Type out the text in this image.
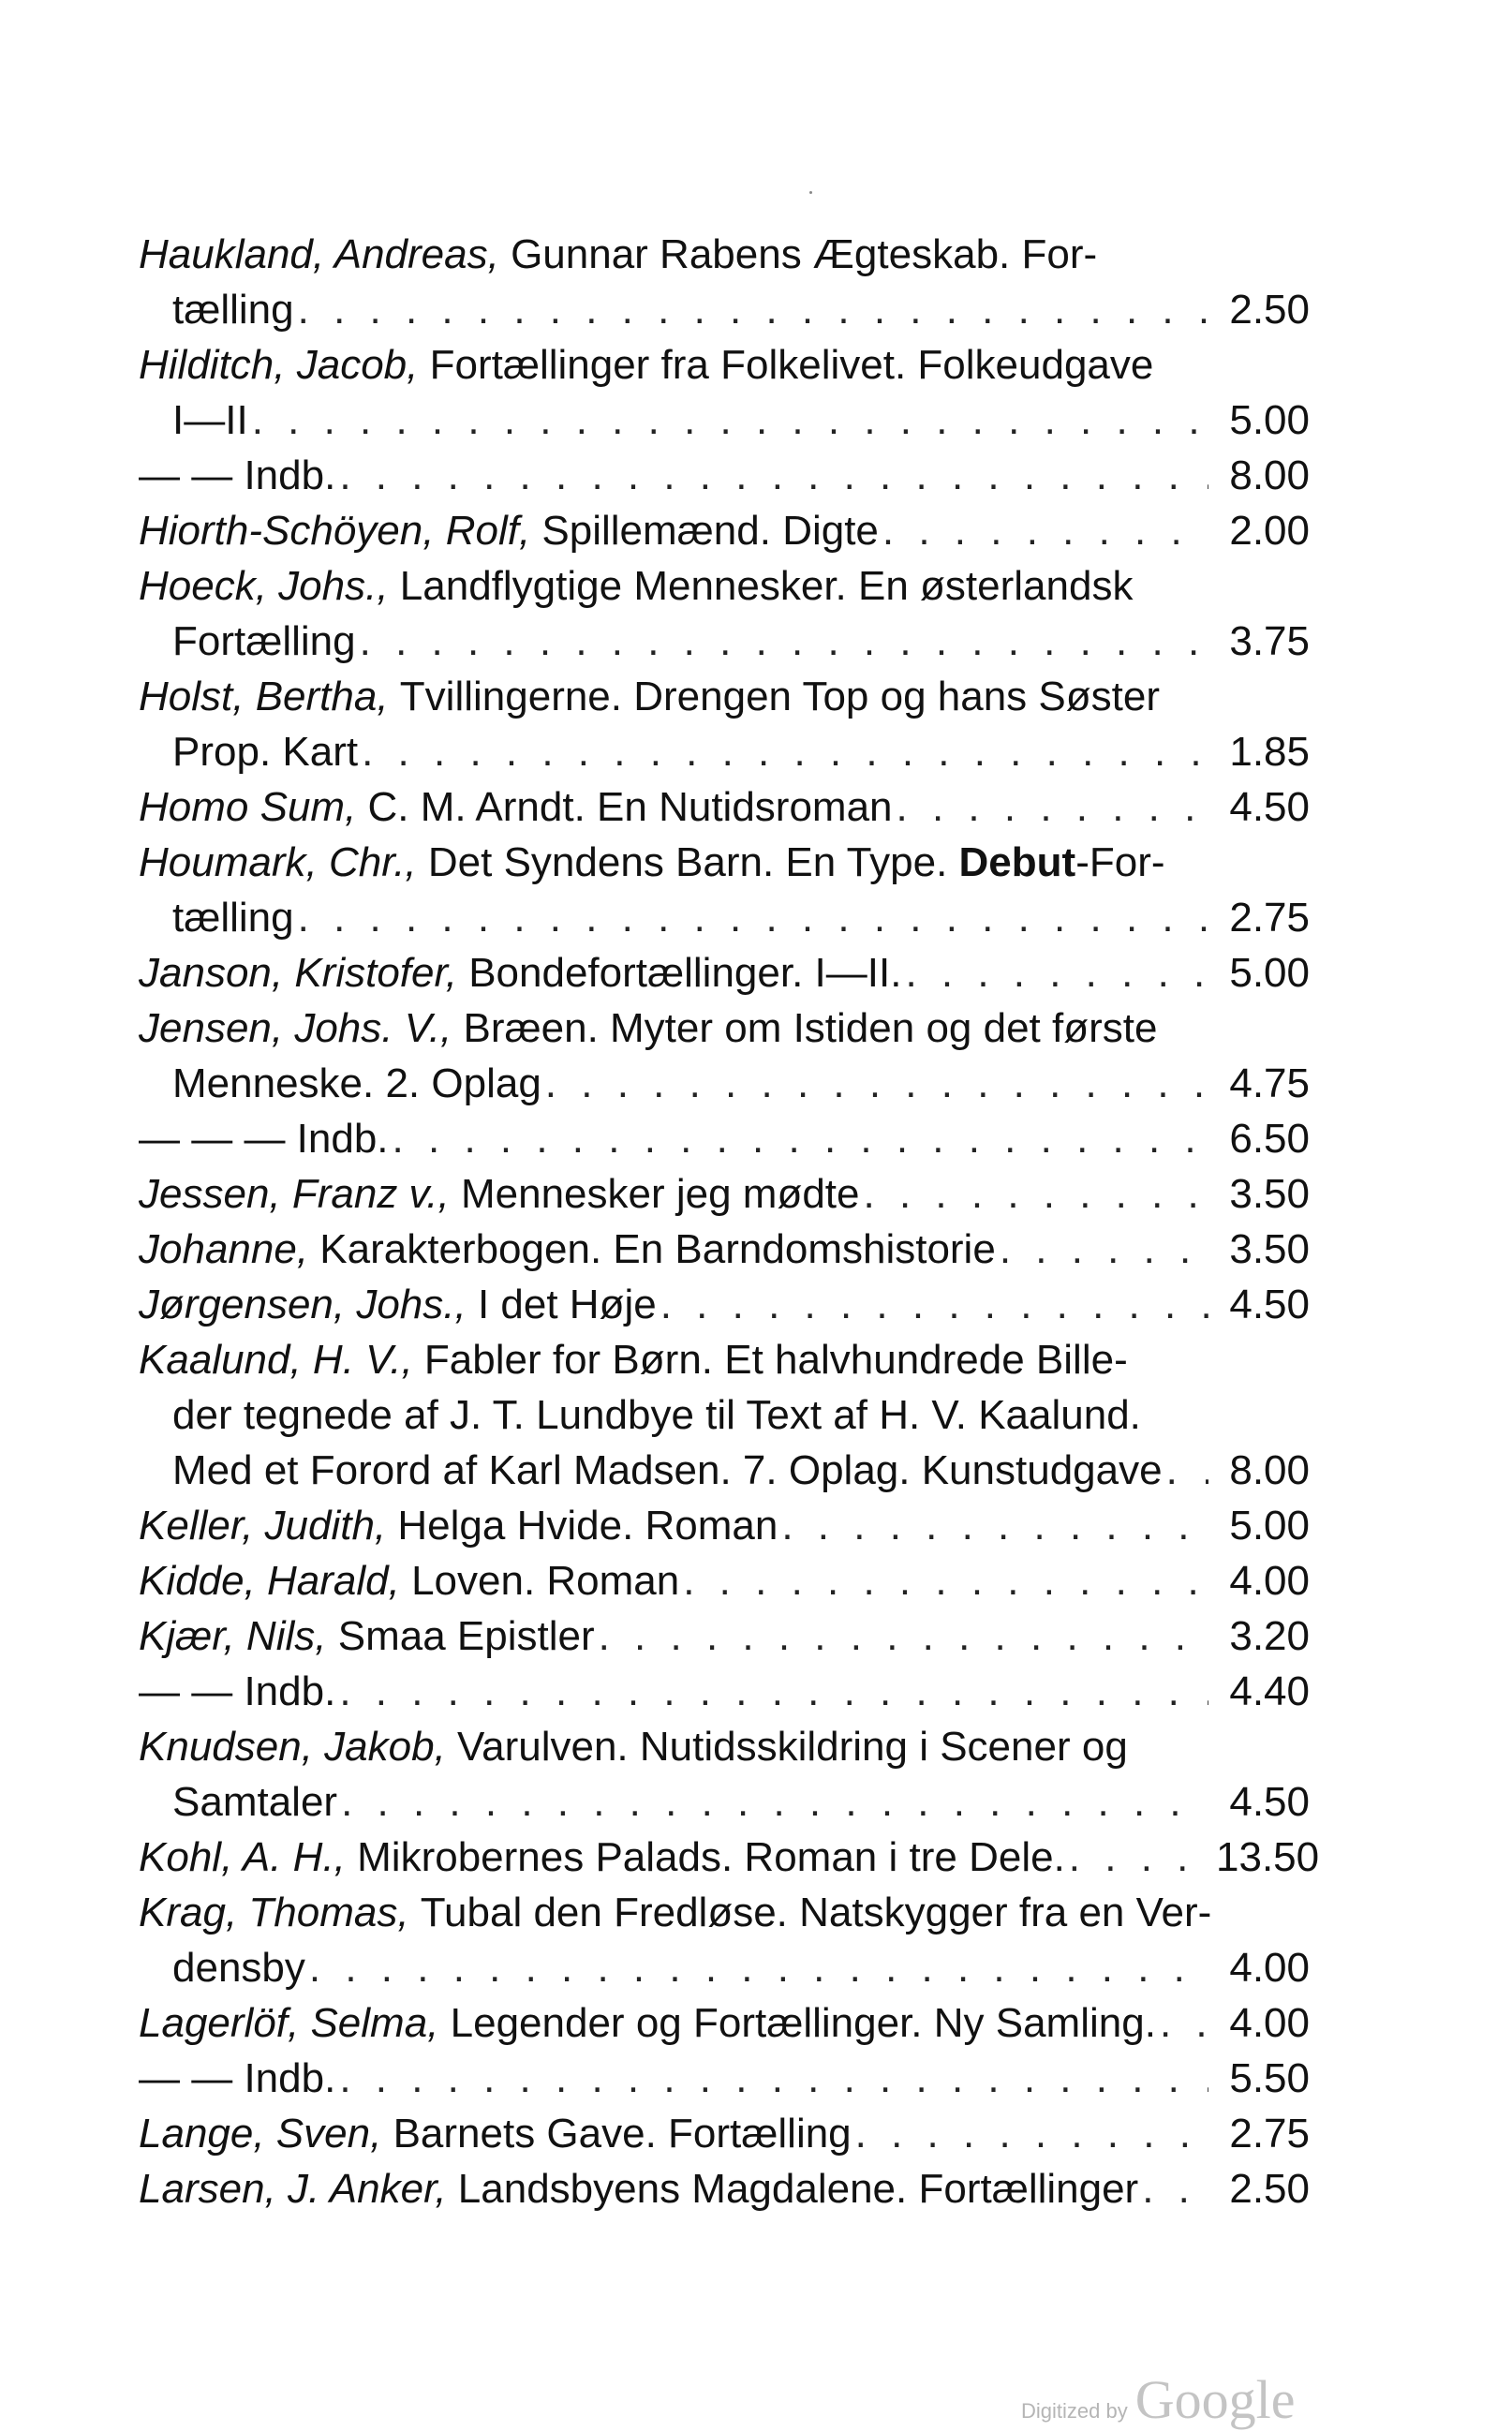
Haukland, Andreas,
Gunnar Rabens Ægteskab. For-
tælling . . .	2.50
Hilditch, Jacob,
Fortællinger fra Folkelivet. Folkeudgave
I—II . . .	5.00
— — Indb. . . .	8.00
Hiorth-Schöyen, Rolf,
Spillemænd. Digte . . .	2.00
Hoeck, Johs.,
Landflygtige Mennesker. En østerlandsk
Fortælling . . .	3.75
Holst, Bertha,
Tvillingerne. Drengen Top og hans Søster
Prop. Kart . . .	1.85
Homo Sum,
C. M. Arndt. En Nutidsroman . . .	4.50
Houmark, Chr.,
Det Syndens Barn. En Type.
Debut -For-
tælling . . .	2.75
Janson, Kristofer,
Bondefortællinger. I—II. . . .	5.00
Jensen, Johs. V.,
Bræen. Myter om Istiden og det første
Menneske. 2. Oplag . . .	4.75
— — — Indb. . . .	6.50
Jessen, Franz v.,
Mennesker jeg mødte . . .	3.50
Johanne,
Karakterbogen. En Barndomshistorie . . .	3.50
Jørgensen, Johs.,
I det Høje . . .	4.50
Kaalund, H. V.,
Fabler for Børn. Et halvhundrede Bille-
der tegnede af J. T. Lundbye til Text af H. V. Kaalund.
Med et Forord af Karl Madsen. 7. Oplag. Kunstudgave . . .	8.00
Keller, Judith,
Helga Hvide. Roman . . .	5.00
Kidde, Harald,
Loven. Roman . . .	4.00
Kjær, Nils,
Smaa Epistler . . .	3.20
— — Indb. . . .	4.40
Knudsen, Jakob,
Varulven. Nutidsskildring i Scener og
Samtaler . . .	4.50
Kohl, A. H.,
Mikrobernes Palads. Roman i tre Dele. . . .	13.50
Krag, Thomas,
Tubal den Fredløse. Natskygger fra en Ver-
densby . . .	4.00
Lagerlöf, Selma,
Legender og Fortællinger. Ny Samling. . . .	4.00
— — Indb. . . .	5.50
Lange, Sven,
Barnets Gave. Fortælling . . .	2.75
Larsen, J. Anker,
Landsbyens Magdalene. Fortællinger . . .	2.50
Digitized by Google
